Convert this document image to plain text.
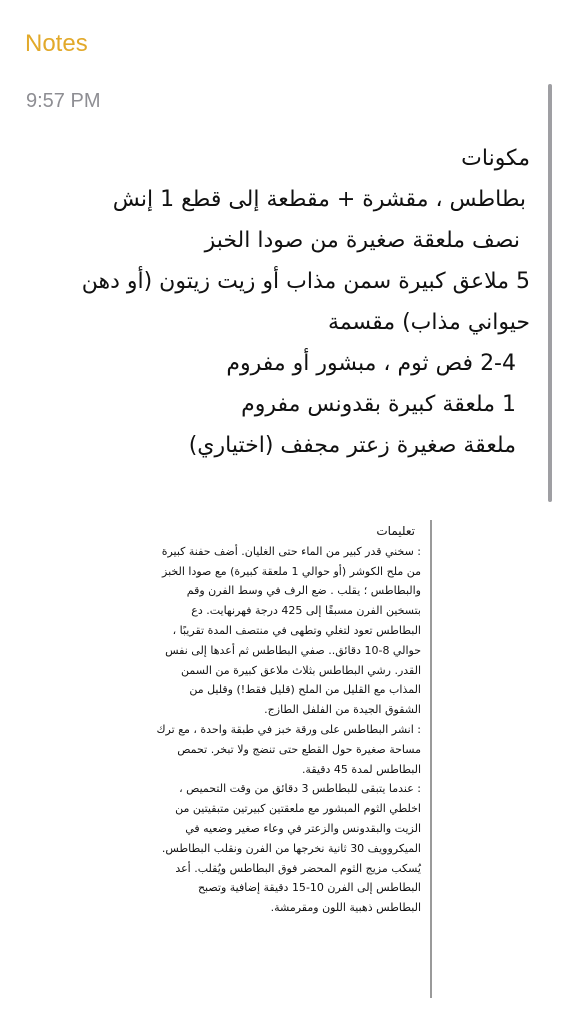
Notes
9:57 PM
مكونات
بطاطس ، مقشرة + مقطعة إلى قطع 1 إنش
نصف ملعقة صغيرة من صودا الخبز
5 ملاعق كبيرة سمن مذاب أو زيت زيتون (أو دهن حيواني مذاب) مقسمة
2-4 فص ثوم ، مبشور أو مفروم
1 ملعقة كبيرة بقدونس مفروم
ملعقة صغيرة زعتر مجفف (اختياري)
تعليمات
: سخني قدر كبير من الماء حتى الغليان. أضف حفنة كبيرة من ملح الكوشر (أو حوالي 1 ملعقة كبيرة) مع صودا الخبز والبطاطس ؛ يقلب . ضع الرف في وسط الفرن وقم بتسخين الفرن مسبقًا إلى 425 درجة فهرنهايت. دع البطاطس تعود لتغلي وتطهى في منتصف المدة تقريبًا ، حوالي 8-10 دقائق.. صفي البطاطس ثم أعدها إلى نفس القدر. رشي البطاطس بثلاث ملاعق كبيرة من السمن المذاب مع القليل من الملح (قليل فقط!) وقليل من الشقوق الجيدة من الفلفل الطازج.
: انشر البطاطس على ورقة خبز في طبقة واحدة ، مع ترك مساحة صغيرة حول القطع حتى تنضج ولا تبخر. تحمص البطاطس لمدة 45 دقيقة.
: عندما يتبقى للبطاطس 3 دقائق من وقت التحميص ، اخلطي الثوم المبشور مع ملعقتين كبيرتين متبقيتين من الزيت والبقدونس والزعتر في وعاء صغير وضعيه في الميكروويف 30 ثانية نخرجها من الفرن ونقلب البطاطس. يُسكب مزيج الثوم المحضر فوق البطاطس ويُقلب. أعد البطاطس إلى الفرن 10-15 دقيقة إضافية وتصبح البطاطس ذهبية اللون ومقرمشة.
